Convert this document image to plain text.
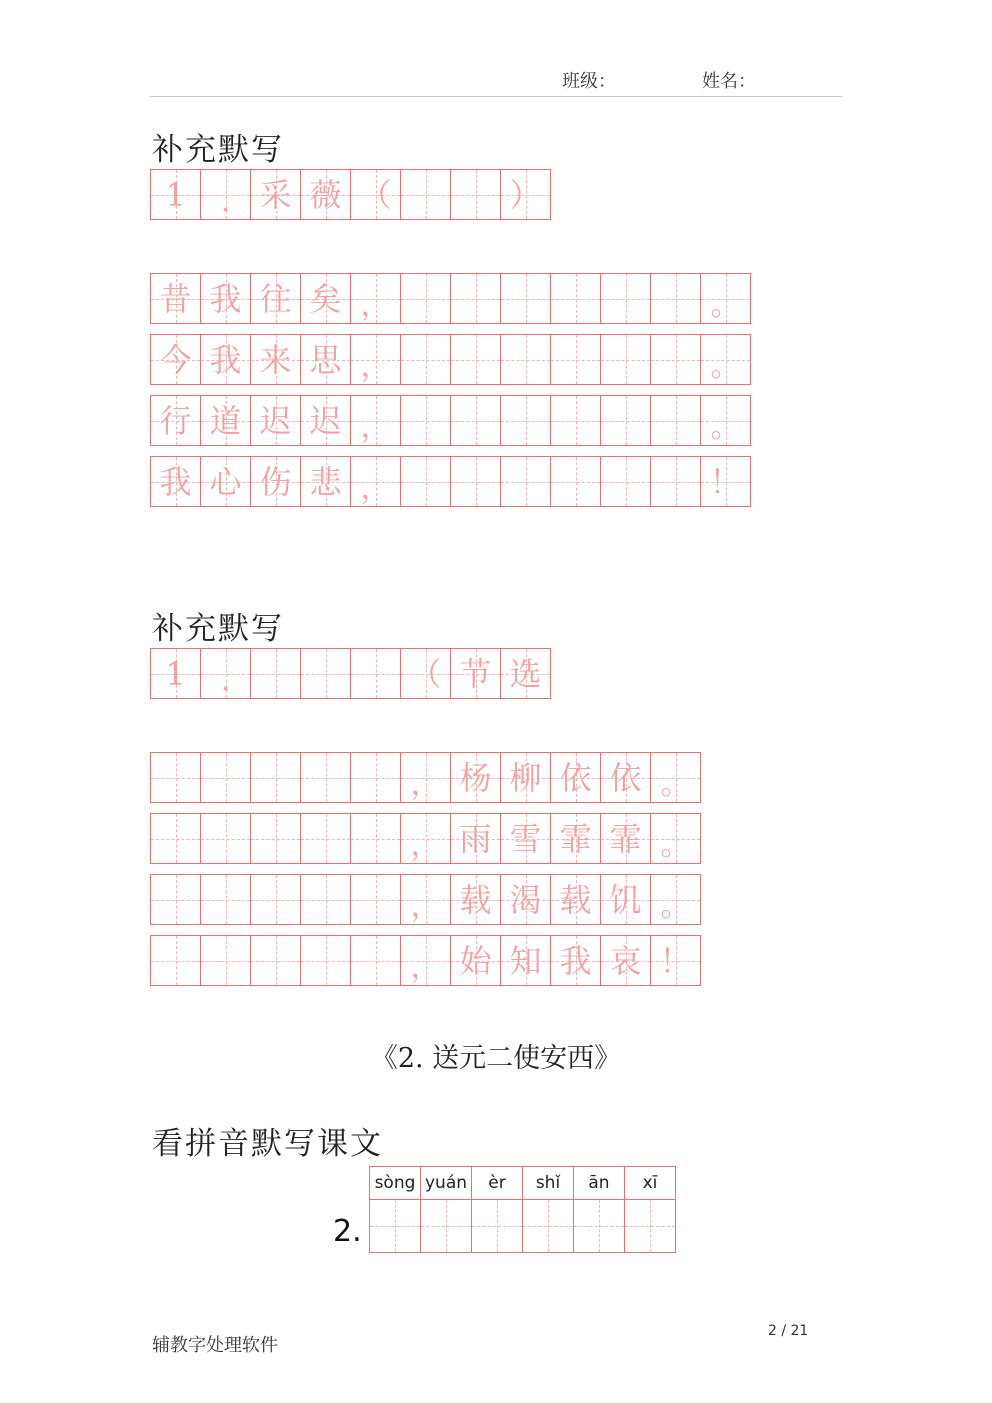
班级：	姓名：
补充默写
1	. 采 薇 （	）
昔 我 往 矣 ，	。
今 我 来 思 ，	。
行 道 迟 迟 ，	。
我 心 伤 悲 ，	！
补充默写
1	.	（ 节 选
， 杨 柳 依 依 。
， 雨 雪 霏 霏 。
， 载 渴 载 饥 。
， 始 知 我 哀 ！
《2. 送元二使安西》
看拼音默写课文
2.
sòng yuán	èr	shǐ	ān	xī
辅教字处理软件
2 / 21
